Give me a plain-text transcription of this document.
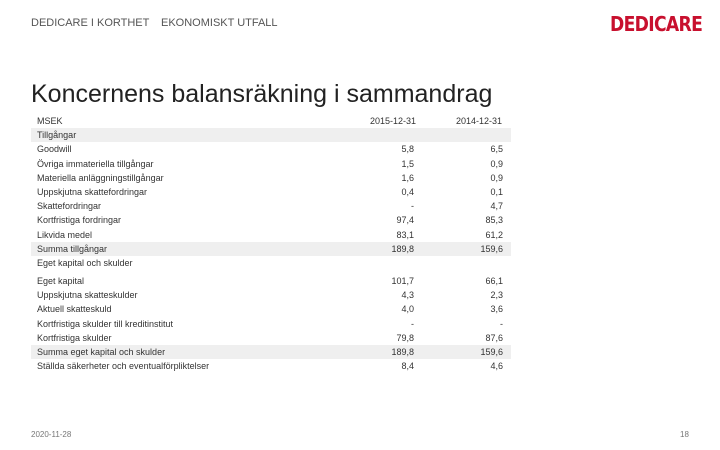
DEDICARE I KORTHET EKONOMISKT UTFALL	DEDICARE
Koncernens balansräkning i sammandrag
MSEK	2015-12-31	2014-12-31
Tillgångar
Goodwill	5,8	6,5
Övriga immateriella tillgångar	1,5	0,9
Materiella anläggningstillgångar	1,6	0,9
Uppskjutna skattefordringar	0,4	0,1
Skattefordringar	-	4,7
Kortfristiga fordringar	97,4	85,3
Likvida medel	83,1	61,2
Summa tillgångar	189,8	159,6
Eget kapital och skulder
Eget kapital	101,7	66,1
Uppskjutna skatteskulder	4,3	2,3
Aktuell skatteskuld	4,0	3,6
Kortfristiga skulder till kreditinstitut	-	-
Kortfristiga skulder	79,8	87,6
Summa eget kapital och skulder	189,8	159,6
Ställda säkerheter och eventualförpliktelser	8,4	4,6
2020-11-28	18
